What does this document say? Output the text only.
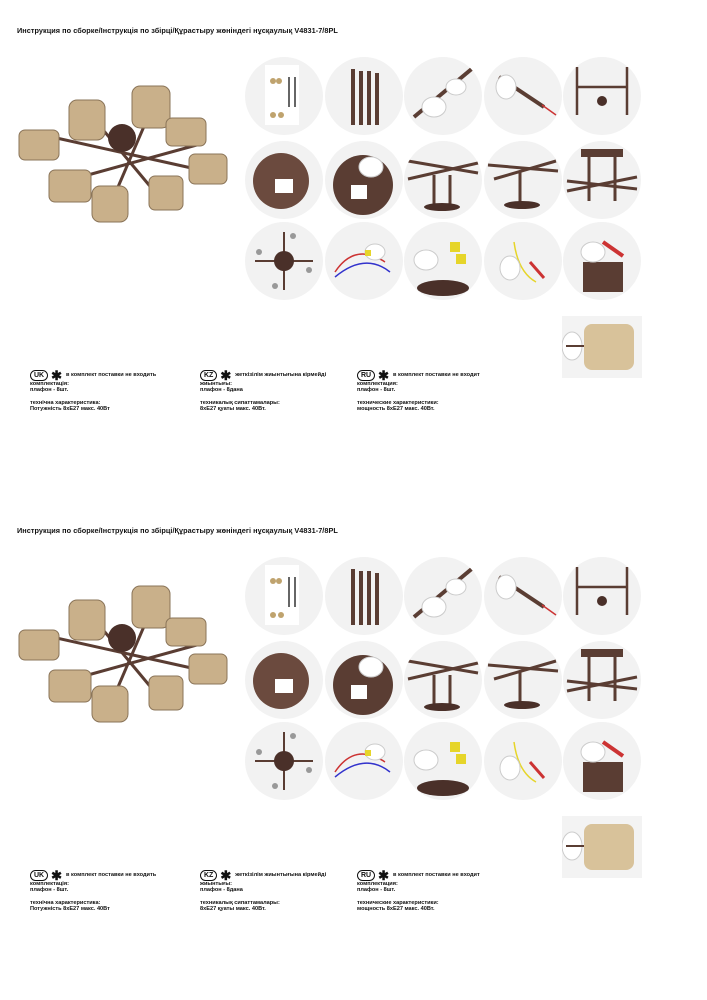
Инструкция по сборке/Інструкція по збірці/Құрастыру жөніндегі нұсқаулық V4831-7/8PL
UK ✱ в комплект поставки не входить
комплектація:
плафон - 8шт.
технічна характеристика:
Потужність 8xE27 макс. 40Вт
KZ ✱ жеткізілім жиынтығына кірмейді
жиынтығы:
плафон - 8дана
техникалық сипаттамалары:
8xE27 қуаты макс. 40Вт.
RU ✱ в комплект поставки не входит
комплектация:
плафон - 8шт.
технические характеристики:
мощность 8xE27 макс. 40Вт.
Инструкция по сборке/Інструкція по збірці/Құрастыру жөніндегі нұсқаулық V4831-7/8PL
UK ✱ в комплект поставки не входить
комплектація:
плафон - 8шт.
технічна характеристика:
Потужність 8xE27 макс. 40Вт
KZ ✱ жеткізілім жиынтығына кірмейді
жиынтығы:
плафон - 8дана
техникалық сипаттамалары:
8xE27 қуаты макс. 40Вт.
RU ✱ в комплект поставки не входит
комплектация:
плафон - 8шт.
технические характеристики:
мощность 8xE27 макс. 40Вт.
